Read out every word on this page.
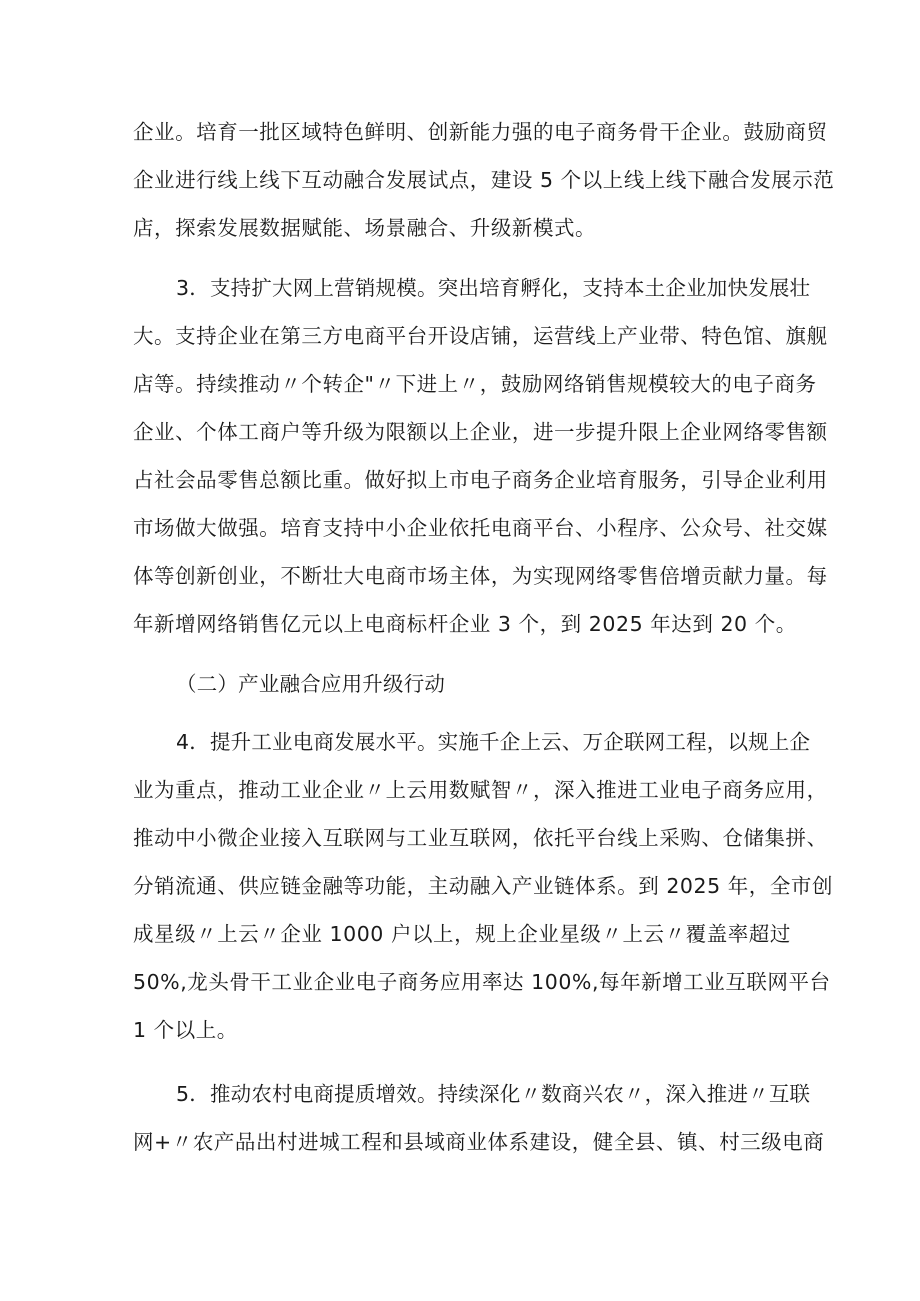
企业。培育一批区域特色鲜明、创新能力强的电子商务骨干企业。鼓励商贸
企业进行线上线下互动融合发展试点，建设 5 个以上线上线下融合发展示范
店，探索发展数据赋能、场景融合、升级新模式。
3．支持扩大网上营销规模。突出培育孵化，支持本土企业加快发展壮
大。支持企业在第三方电商平台开设店铺，运营线上产业带、特色馆、旗舰
店等。持续推动〃个转企"〃下进上〃，鼓励网络销售规模较大的电子商务
企业、个体工商户等升级为限额以上企业，进一步提升限上企业网络零售额
占社会品零售总额比重。做好拟上市电子商务企业培育服务，引导企业利用
市场做大做强。培育支持中小企业依托电商平台、小程序、公众号、社交媒
体等创新创业，不断壮大电商市场主体，为实现网络零售倍增贡献力量。每
年新增网络销售亿元以上电商标杆企业 3 个，到 2025 年达到 20 个。
（二）产业融合应用升级行动
4．提升工业电商发展水平。实施千企上云、万企联网工程，以规上企
业为重点，推动工业企业〃上云用数赋智〃，深入推进工业电子商务应用，
推动中小微企业接入互联网与工业互联网，依托平台线上采购、仓储集拼、
分销流通、供应链金融等功能，主动融入产业链体系。到 2025 年，全市创
成星级〃上云〃企业 1000 户以上，规上企业星级〃上云〃覆盖率超过
50%,龙头骨干工业企业电子商务应用率达 100%,每年新增工业互联网平台
1 个以上。
5．推动农村电商提质增效。持续深化〃数商兴农〃，深入推进〃互联
网+〃农产品出村进城工程和县域商业体系建设，健全县、镇、村三级电商
